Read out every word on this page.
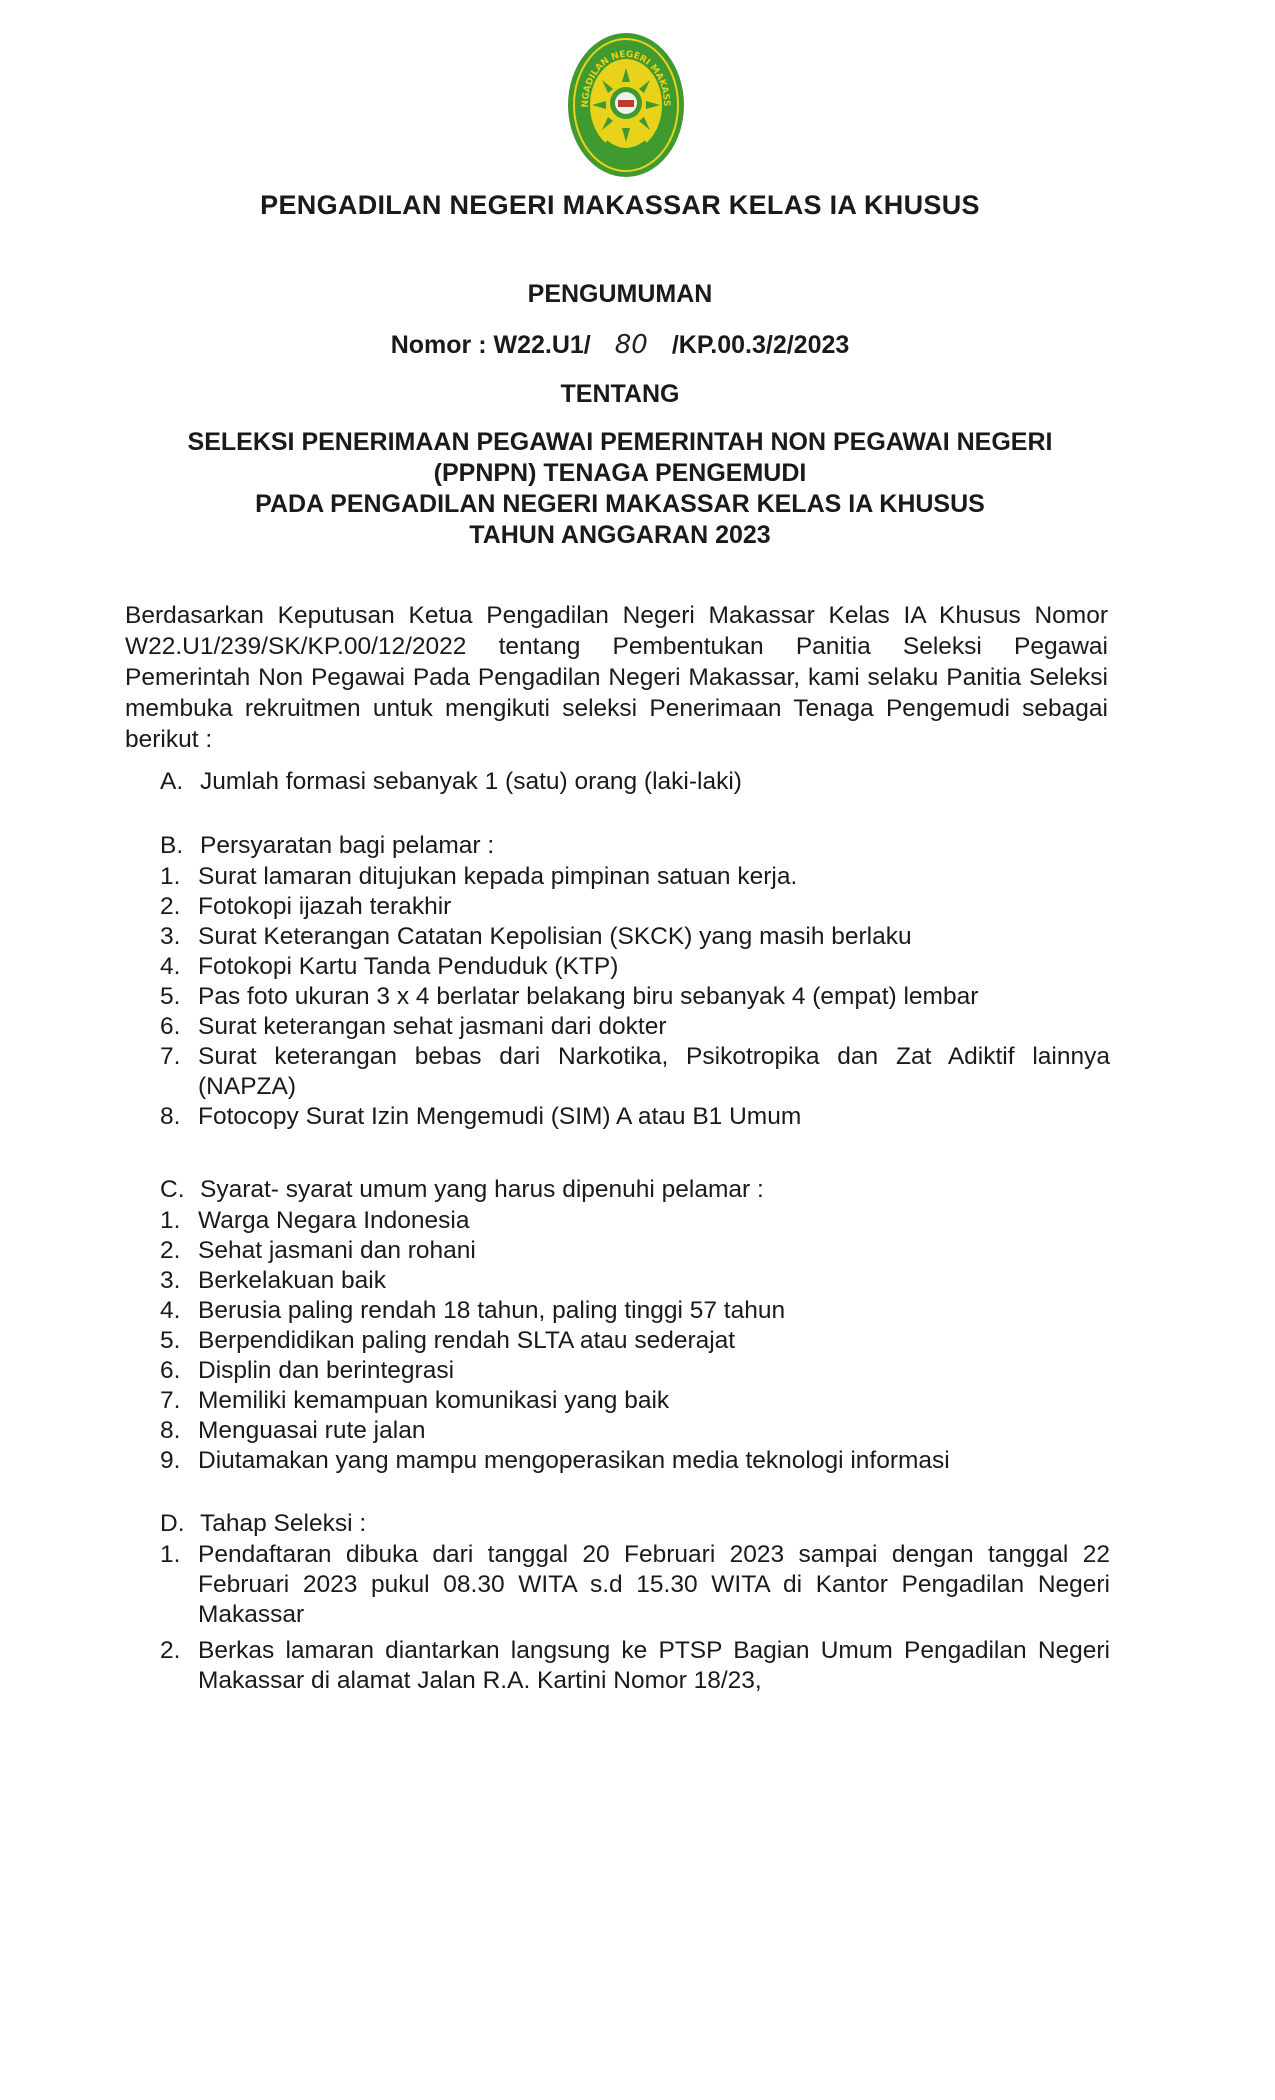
NGADILAN NEGERI MAKASS
PENGADILAN NEGERI MAKASSAR KELAS IA KHUSUS
PENGUMUMAN
Nomor : W22.U1/ 80 /KP.00.3/2/2023
TENTANG
SELEKSI PENERIMAAN PEGAWAI PEMERINTAH NON PEGAWAI NEGERI
(PPNPN) TENAGA PENGEMUDI
PADA PENGADILAN NEGERI MAKASSAR KELAS IA KHUSUS
TAHUN ANGGARAN 2023
Berdasarkan Keputusan Ketua Pengadilan Negeri Makassar Kelas IA Khusus Nomor W22.U1/239/SK/KP.00/12/2022 tentang Pembentukan Panitia Seleksi Pegawai Pemerintah Non Pegawai Pada Pengadilan Negeri Makassar, kami selaku Panitia Seleksi membuka rekruitmen untuk mengikuti seleksi Penerimaan Tenaga Pengemudi sebagai berikut :
A. Jumlah formasi sebanyak 1 (satu) orang (laki-laki)
B. Persyaratan bagi pelamar :
1. Surat lamaran ditujukan kepada pimpinan satuan kerja.
2. Fotokopi ijazah terakhir
3. Surat Keterangan Catatan Kepolisian (SKCK) yang masih berlaku
4. Fotokopi Kartu Tanda Penduduk (KTP)
5. Pas foto ukuran 3 x 4 berlatar belakang biru sebanyak 4 (empat) lembar
6. Surat keterangan sehat jasmani dari dokter
7. Surat keterangan bebas dari Narkotika, Psikotropika dan Zat Adiktif lainnya (NAPZA)
8. Fotocopy Surat Izin Mengemudi (SIM) A atau B1 Umum
C. Syarat- syarat umum yang harus dipenuhi pelamar :
1. Warga Negara Indonesia
2. Sehat jasmani dan rohani
3. Berkelakuan baik
4. Berusia paling rendah 18 tahun, paling tinggi 57 tahun
5. Berpendidikan paling rendah SLTA atau sederajat
6. Displin dan berintegrasi
7. Memiliki kemampuan komunikasi yang baik
8. Menguasai rute jalan
9. Diutamakan yang mampu mengoperasikan media teknologi informasi
D. Tahap Seleksi :
1. Pendaftaran dibuka dari tanggal 20 Februari 2023 sampai dengan tanggal 22 Februari 2023 pukul 08.30 WITA s.d 15.30 WITA di Kantor Pengadilan Negeri Makassar
2. Berkas lamaran diantarkan langsung ke PTSP Bagian Umum Pengadilan Negeri Makassar di alamat Jalan R.A. Kartini Nomor 18/23,
